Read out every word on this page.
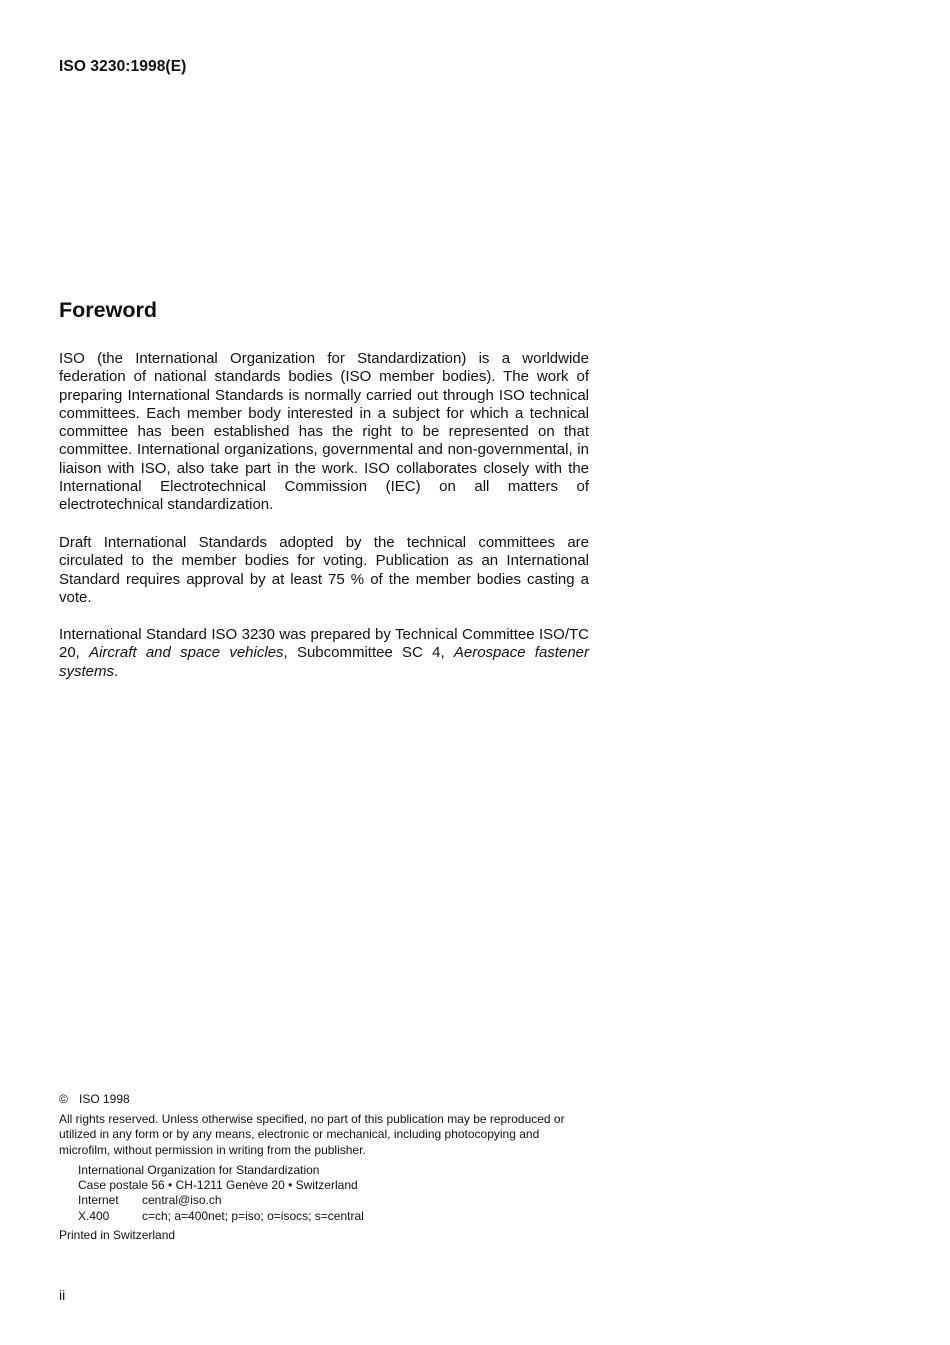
ISO 3230:1998(E)
Foreword

ISO (the International Organization for Standardization) is a worldwide federation of national standards bodies (ISO member bodies). The work of preparing International Standards is normally carried out through ISO technical committees. Each member body interested in a subject for which a technical committee has been established has the right to be represented on that committee. International organizations, governmental and non-governmental, in liaison with ISO, also take part in the work. ISO collaborates closely with the International Electrotechnical Commission (IEC) on all matters of electrotechnical standardization.

Draft International Standards adopted by the technical committees are circulated to the member bodies for voting. Publication as an International Standard requires approval by at least 75 % of the member bodies casting a vote.

International Standard ISO 3230 was prepared by Technical Committee ISO/TC 20, Aircraft and space vehicles, Subcommittee SC 4, Aerospace fastener systems.

© ISO 1998

All rights reserved. Unless otherwise specified, no part of this publication may be reproduced or utilized in any form or by any means, electronic or mechanical, including photocopying and microfilm, without permission in writing from the publisher.

International Organization for Standardization
Case postale 56 • CH-1211 Genève 20 • Switzerland
Internet central@iso.ch
X.400	c=ch; a=400net; p=iso; o=isocs; s=central
Printed in Switzerland
ii
